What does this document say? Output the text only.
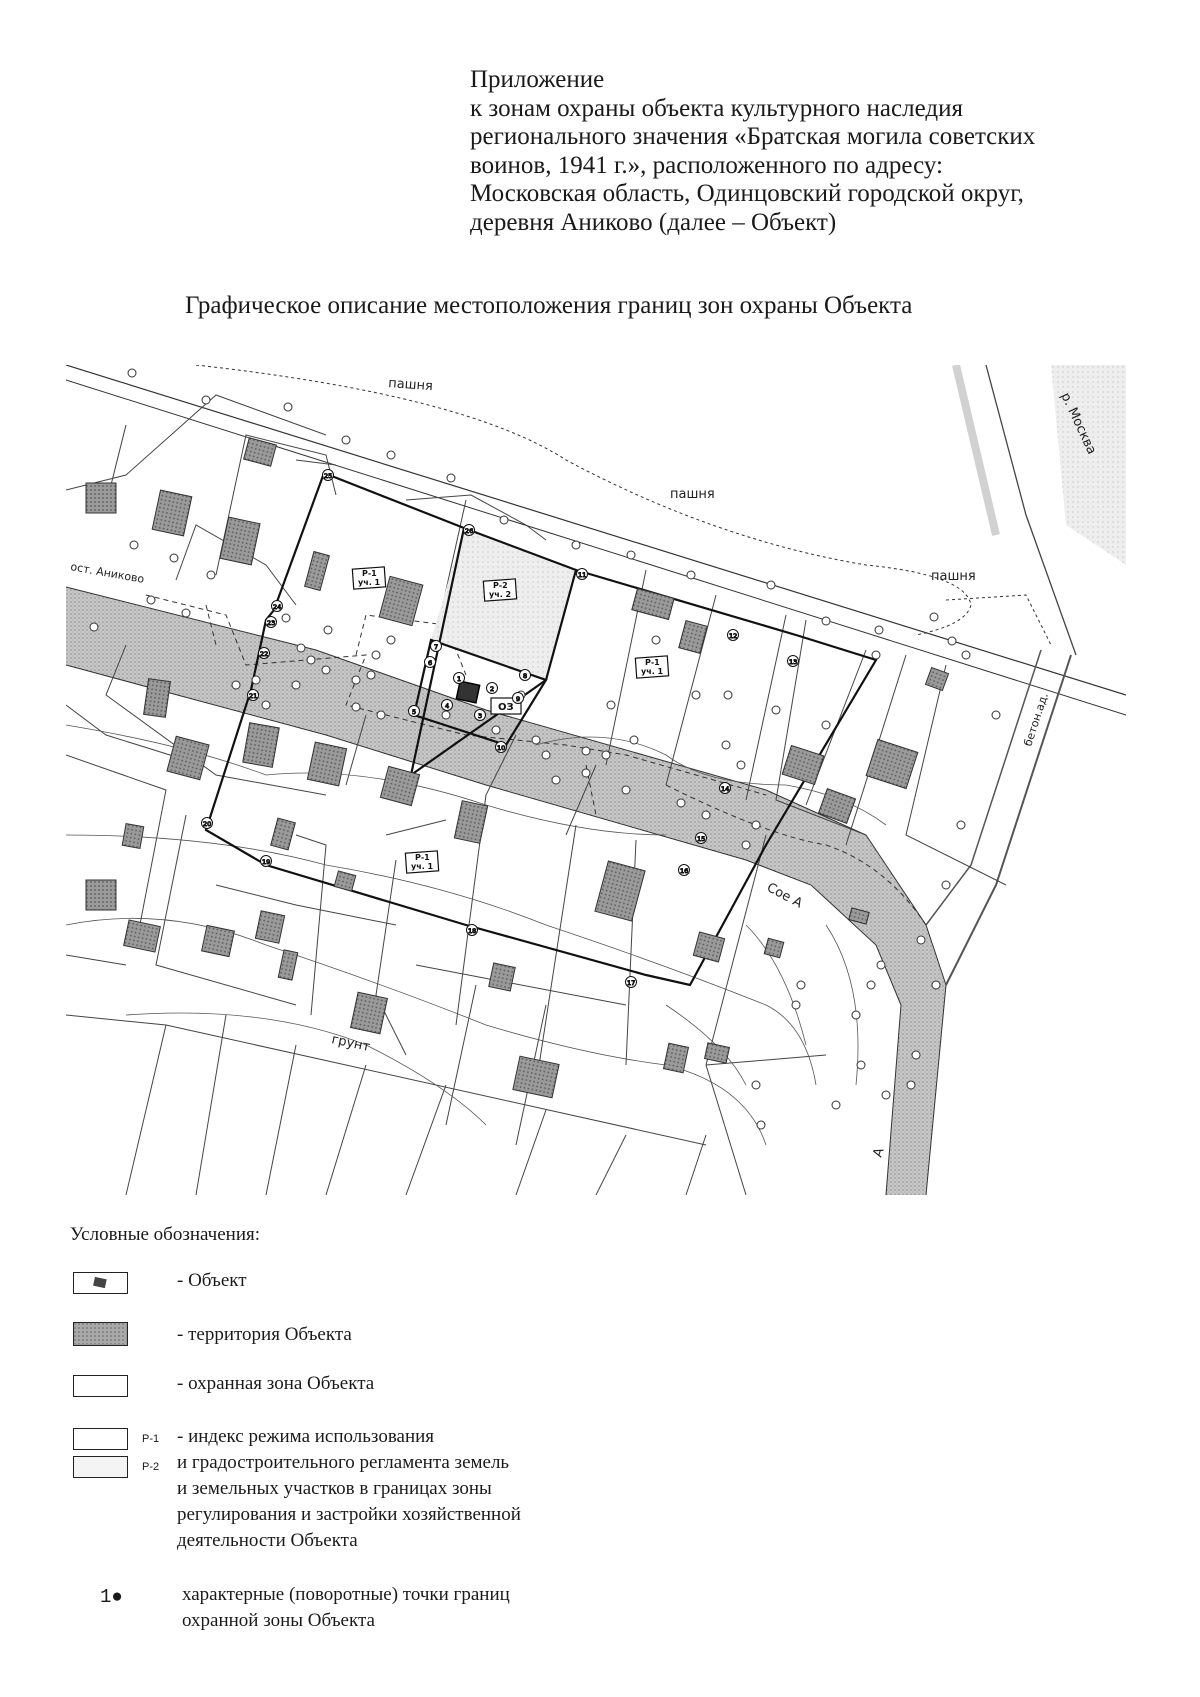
Приложение
к зонам охраны объекта культурного наследия
регионального значения «Братская могила советских
воинов, 1941 г.», расположенного по адресу:
Московская область, Одинцовский городской округ,
деревня Аниково (далее – Объект)
Графическое описание местоположения границ зон охраны Объекта
пашня
пашня
пашня
р. Москва
ост. Аниково
Сое А
грунт
бетон.ад.
А
Р-1
уч. 1	Р-2
уч. 2
Р-1
уч. 1
Р-1
уч. 1
ОЗ
1
2
3
4
5
6
7
8
9
10
11
12
13
14
15
16
17
18
19
20
21
22
23
24
25
26
Условные обозначения:
- Объект
- территория Объекта
- охранная зона Объекта
Р-1
Р-2
- индекс режима использования
и градостроительного регламента земель
и земельных участков в границах зоны
регулирования и застройки хозяйственной
деятельности Объекта
1●	характерные (поворотные) точки границ
охранной зоны Объекта
